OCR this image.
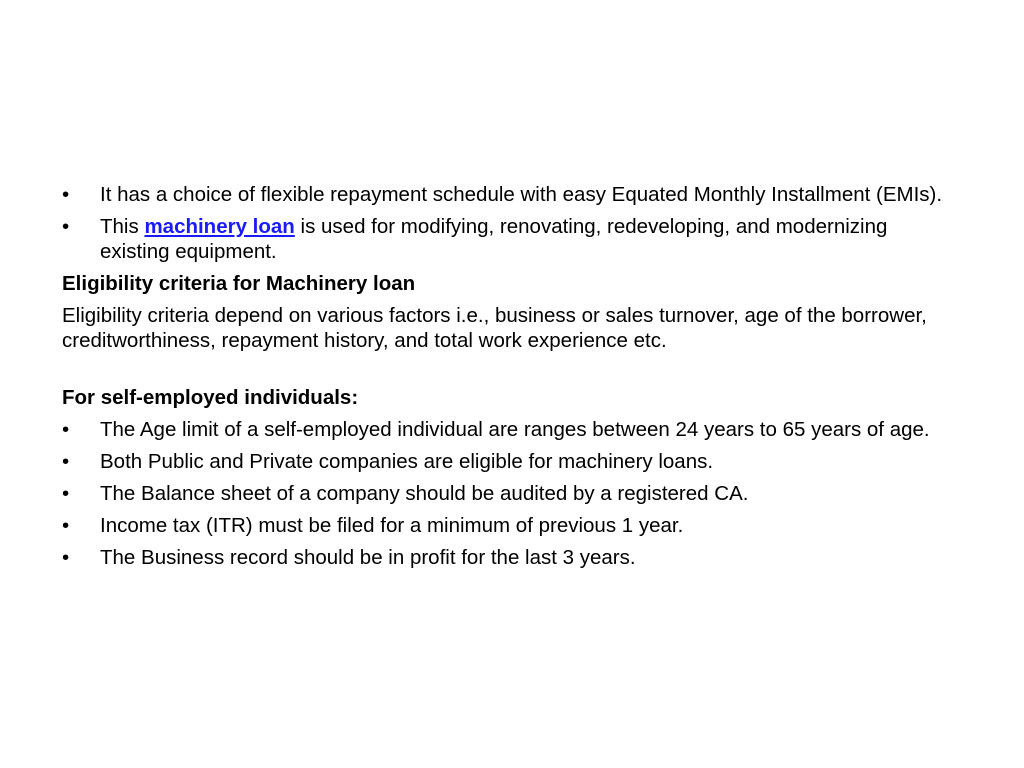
•	It has a choice of flexible repayment schedule with easy Equated Monthly Installment (EMIs).
•	This machinery loan is used for modifying, renovating, redeveloping, and modernizing existing equipment.
Eligibility criteria for Machinery loan
Eligibility criteria depend on various factors i.e., business or sales turnover, age of the borrower, creditworthiness, repayment history, and total work experience etc.
For self-employed individuals:
•	The Age limit of a self-employed individual are ranges between 24 years to 65 years of age.
•	Both Public and Private companies are eligible for machinery loans.
•	The Balance sheet of a company should be audited by a registered CA.
•	Income tax (ITR) must be filed for a minimum of previous 1 year.
•	The Business record should be in profit for the last 3 years.
